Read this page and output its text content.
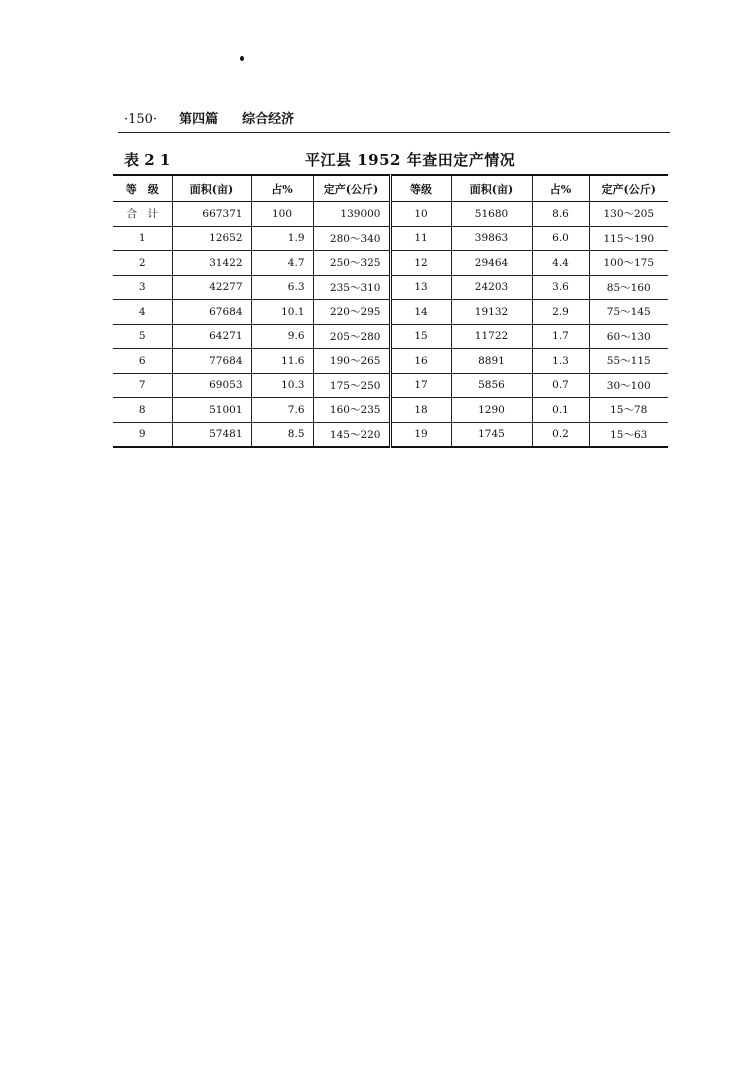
·150· 第四篇 综合经济
表 2 1	平江县 1952 年查田定产情况
等　级	面积(亩)	占%	定产(公斤)	等级	面积(亩)	占%	定产(公斤)
合　计	667371	100	139000	10	51680	8.6	130～205
1	12652	1.9	280～340	11	39863	6.0	115～190
2	31422	4.7	250～325	12	29464	4.4	100～175
3	42277	6.3	235～310	13	24203	3.6	85～160
4	67684	10.1	220～295	14	19132	2.9	75～145
5	64271	9.6	205～280	15	11722	1.7	60～130
6	77684	11.6	190～265	16	8891	1.3	55～115
7	69053	10.3	175～250	17	5856	0.7	30～100
8	51001	7.6	160～235	18	1290	0.1	15～78
9	57481	8.5	145～220	19	1745	0.2	15～63
